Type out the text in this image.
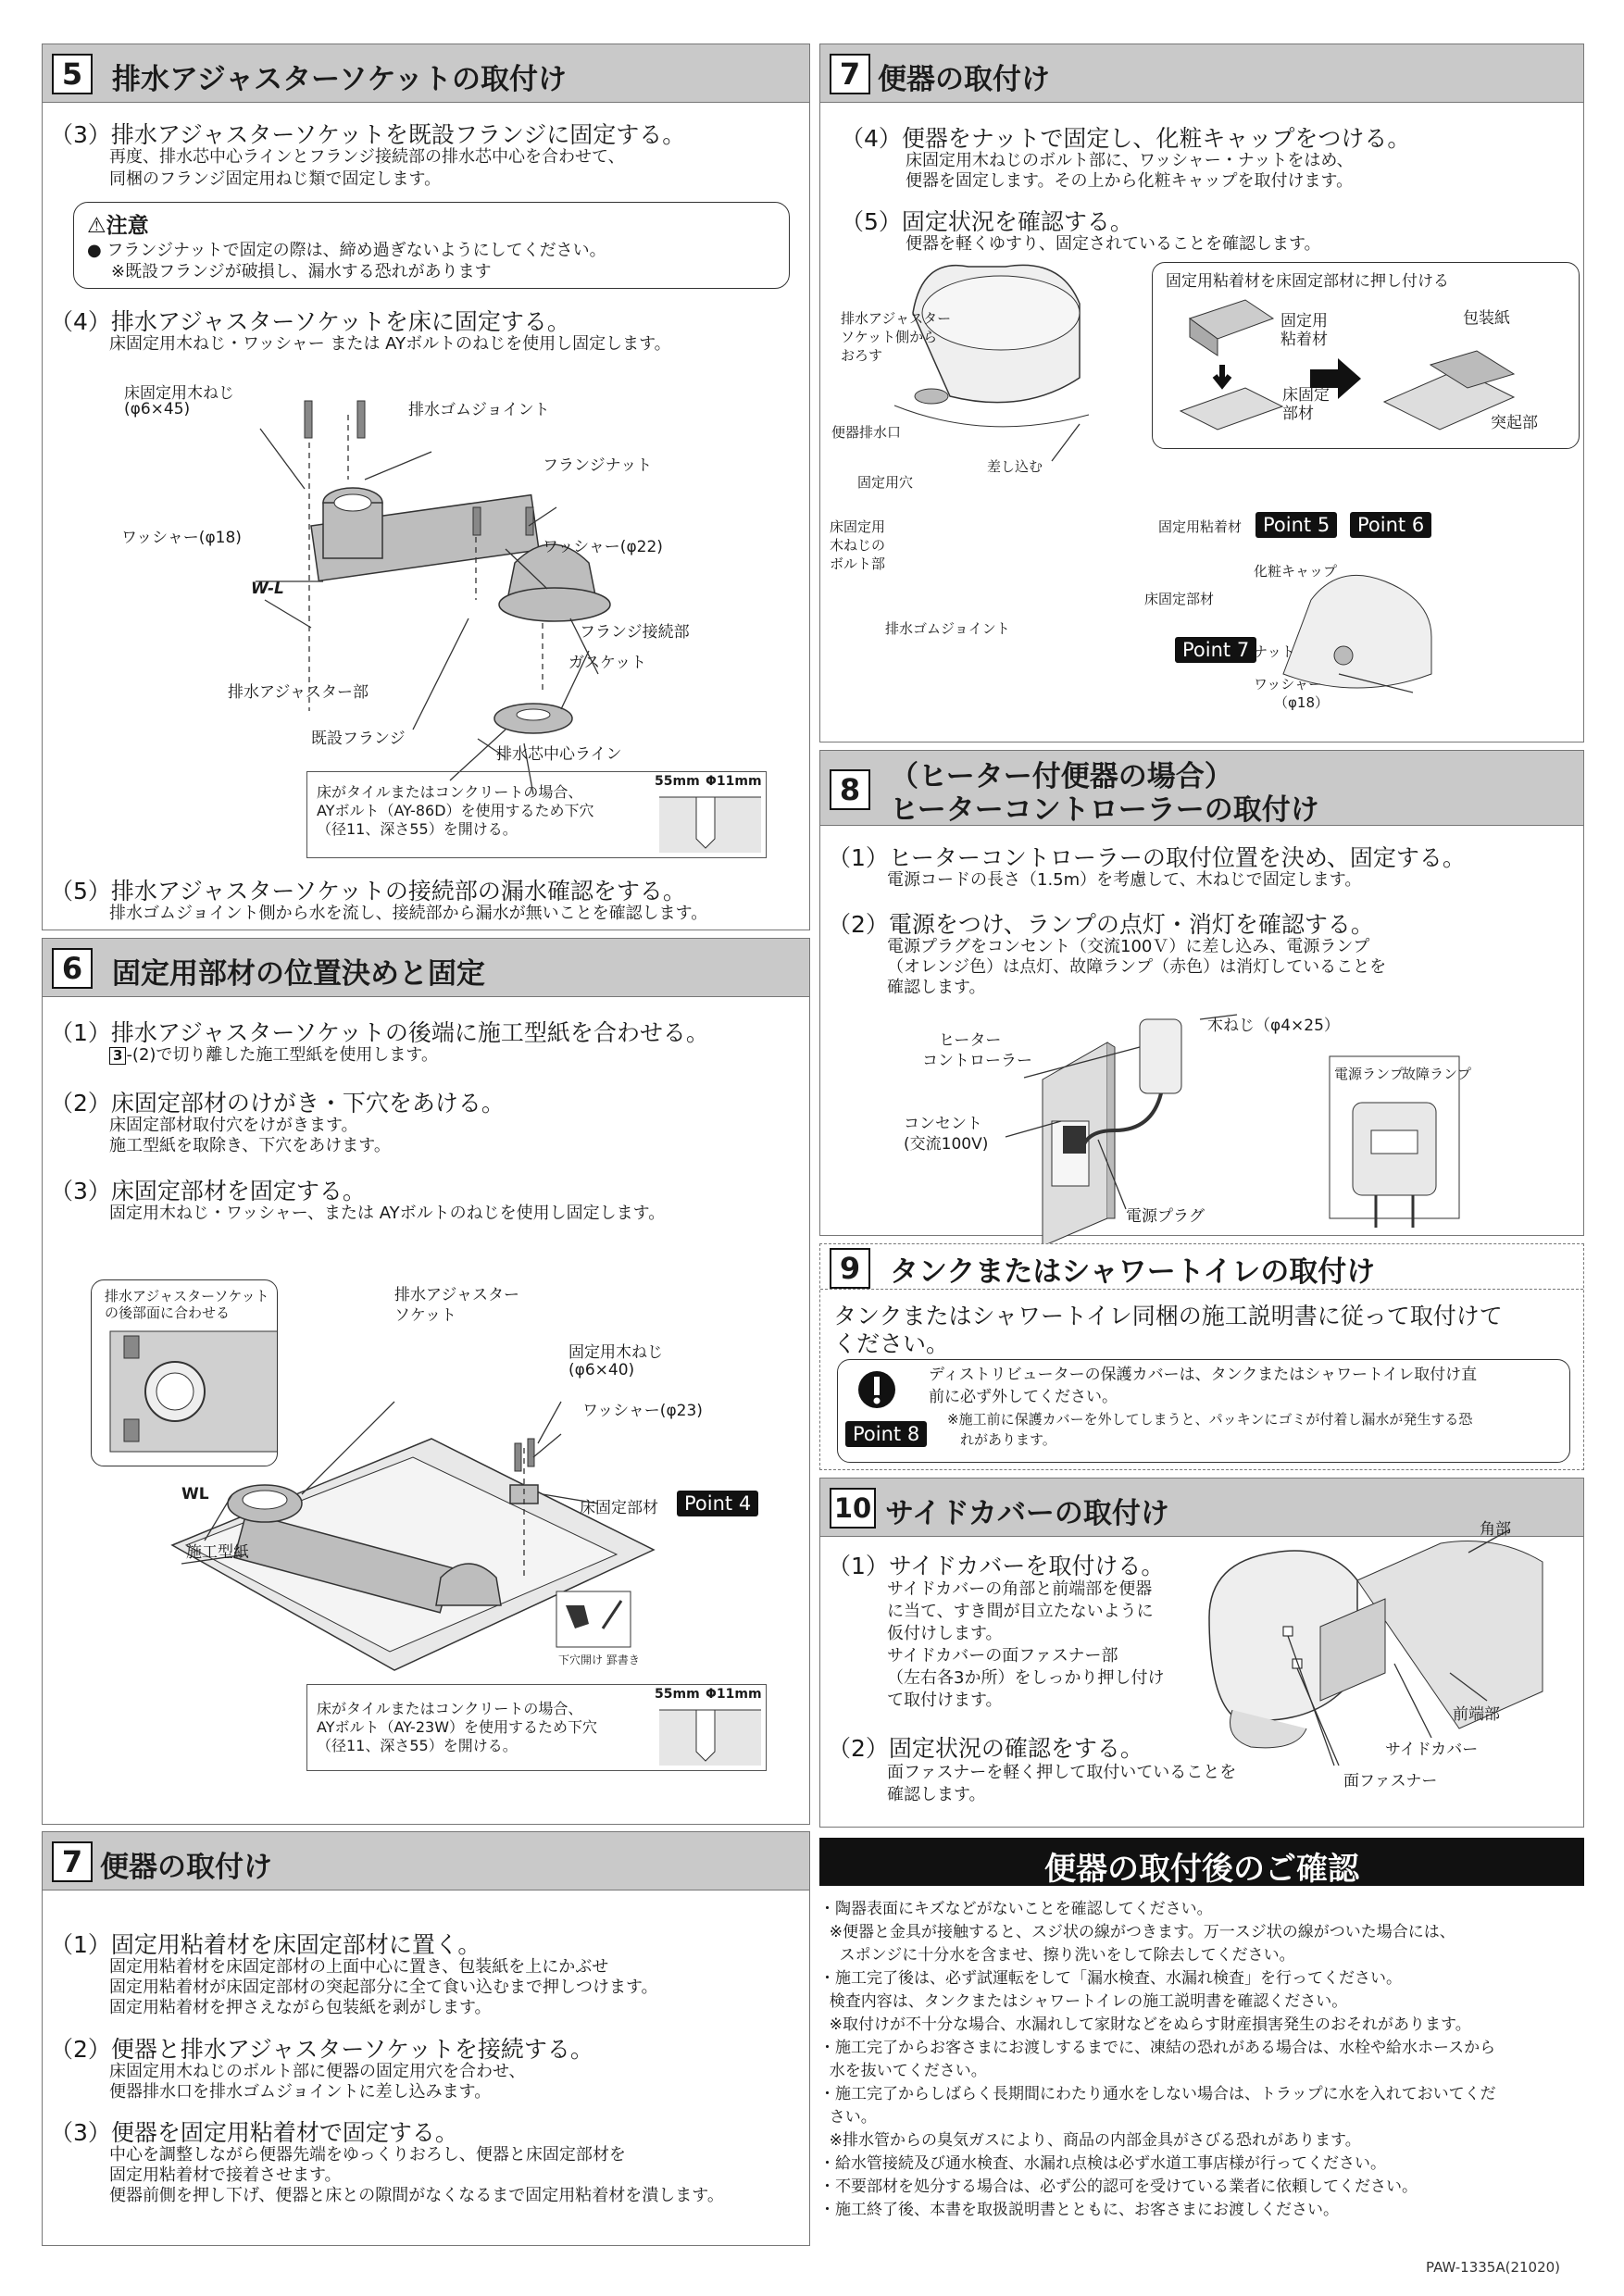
5	排水アジャスターソケットの取付け
（3）排水アジャスターソケットを既設フランジに固定する。
再度、排水芯中心ラインとフランジ接続部の排水芯中心を合わせて、
同梱のフランジ固定用ねじ類で固定します。
⚠注意
● フランジナットで固定の際は、締め過ぎないようにしてください。
※既設フランジが破損し、漏水する恐れがあります
（4）排水アジャスターソケットを床に固定する。
床固定用木ねじ・ワッシャー または AYボルトのねじを使用し固定します。
床固定用木ねじ
(φ6×45)	排水ゴムジョイント
フランジナット
ワッシャー(φ18)	ワッシャー(φ22)
W-L
フランジ接続部
ガスケット
排水アジャスター部
既設フランジ
排水芯中心ライン
床がタイルまたはコンクリートの場合、
AYボルト（AY-86D）を使用するため下穴
（径11、深さ55）を開ける。
55mm Φ11mm
（5）排水アジャスターソケットの接続部の漏水確認をする。
排水ゴムジョイント側から水を流し、接続部から漏水が無いことを確認します。
6	固定用部材の位置決めと固定
（1）排水アジャスターソケットの後端に施工型紙を合わせる。
3 -(2)で切り離した施工型紙を使用します。
（2）床固定部材のけがき・下穴をあける。
床固定部材取付穴をけがきます。
施工型紙を取除き、下穴をあけます。
（3）床固定部材を固定する。
固定用木ねじ・ワッシャー、または AYボルトのねじを使用し固定します。
排水アジャスターソケット
の後部面に合わせる
排水アジャスター
ソケット
固定用木ねじ
(φ6×40)
ワッシャー(φ23)
WL
床固定部材	Point 4
施工型紙
下穴開け 罫書き
床がタイルまたはコンクリートの場合、
AYボルト（AY-23W）を使用するため下穴
（径11、深さ55）を開ける。
55mm Φ11mm
7 便器の取付け
（1）固定用粘着材を床固定部材に置く。
固定用粘着材を床固定部材の上面中心に置き、包装紙を上にかぶせ
固定用粘着材が床固定部材の突起部分に全て食い込むまで押しつけます。
固定用粘着材を押さえながら包装紙を剥がします。
（2）便器と排水アジャスターソケットを接続する。
床固定用木ねじのボルト部に便器の固定用穴を合わせ、
便器排水口を排水ゴムジョイントに差し込みます。
（3）便器を固定用粘着材で固定する。
中心を調整しながら便器先端をゆっくりおろし、便器と床固定部材を
固定用粘着材で接着させます。
便器前側を押し下げ、便器と床との隙間がなくなるまで固定用粘着材を潰します。
7 便器の取付け
（4）便器をナットで固定し、化粧キャップをつける。
床固定用木ねじのボルト部に、ワッシャー・ナットをはめ、
便器を固定します。その上から化粧キャップを取付けます。
（5）固定状況を確認する。
便器を軽くゆすり、固定されていることを確認します。
固定用粘着材を床固定部材に押し付ける
固定用
粘着材
包装紙
床固定
部材	突起部
排水アジャスター
ソケット側から
おろす
便器排水口
差し込む
固定用穴
床固定用
木ねじの
ボルト部
固定用粘着材	Point 5	Point 6
化粧キャップ
床固定部材
排水ゴムジョイント
Point 7 ナット
ワッシャー
（φ18）
8	（ヒーター付便器の場合）
ヒーターコントローラーの取付け
（1）ヒーターコントローラーの取付位置を決め、固定する。
電源コードの長さ（1.5m）を考慮して、木ねじで固定します。
（2）電源をつけ、ランプの点灯・消灯を確認する。
電源プラグをコンセント（交流100Ｖ）に差し込み、電源ランプ
（オレンジ色）は点灯、故障ランプ（赤色）は消灯していることを
確認します。
ヒーター
コントローラー
木ねじ（φ4×25）
コンセント
(交流100V)
電源ランプ
故障ランプ
電源プラグ
9	タンクまたはシャワートイレの取付け
タンクまたはシャワートイレ同梱の施工説明書に従って取付けて
ください。
Point 8
ディストリビューターの保護カバーは、タンクまたはシャワートイレ取付け直
前に必ず外してください。
※施工前に保護カバーを外してしまうと、パッキンにゴミが付着し漏水が発生する恐
れがあります。
10 サイドカバーの取付け
（1）サイドカバーを取付ける。
サイドカバーの角部と前端部を便器
に当て、すき間が目立たないように
仮付けします。
サイドカバーの面ファスナー部
（左右各3か所）をしっかり押し付け
て取付けます。
（2）固定状況の確認をする。
面ファスナーを軽く押して取付いていることを
確認します。
角部
前端部
サイドカバー
面ファスナー
便器の取付後のご確認
・陶器表面にキズなどがないことを確認してください。
※便器と金具が接触すると、スジ状の線がつきます。万一スジ状の線がついた場合には、
スポンジに十分水を含ませ、擦り洗いをして除去してください。
・施工完了後は、必ず試運転をして「漏水検査、水漏れ検査」を行ってください。
検査内容は、タンクまたはシャワートイレの施工説明書を確認ください。
※取付けが不十分な場合、水漏れして家財などをぬらす財産損害発生のおそれがあります。
・施工完了からお客さまにお渡しするまでに、凍結の恐れがある場合は、水栓や給水ホースから
水を抜いてください。
・施工完了からしばらく長期間にわたり通水をしない場合は、トラップに水を入れておいてくだ
さい。
※排水管からの臭気ガスにより、商品の内部金具がさびる恐れがあります。
・給水管接続及び通水検査、水漏れ点検は必ず水道工事店様が行ってください。
・不要部材を処分する場合は、必ず公的認可を受けている業者に依頼してください。
・施工終了後、本書を取扱説明書とともに、お客さまにお渡しください。
PAW-1335A(21020)
